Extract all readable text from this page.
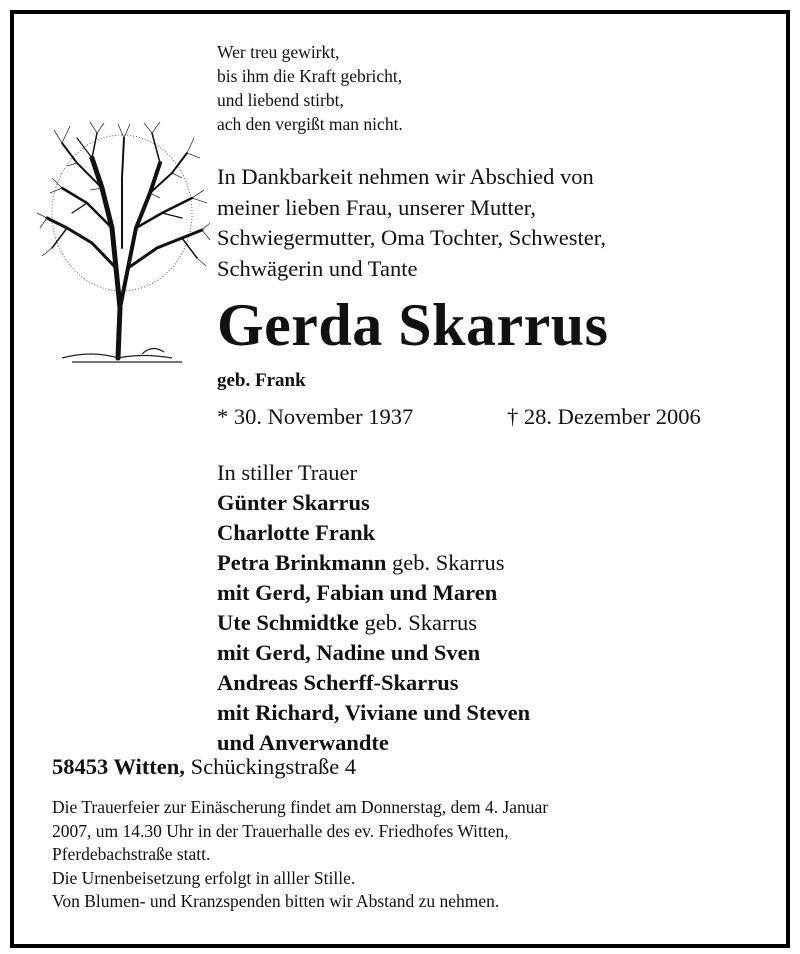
Wer treu gewirkt,
bis ihm die Kraft gebricht,
und liebend stirbt,
ach den vergißt man nicht.
In Dankbarkeit nehmen wir Abschied von
meiner lieben Frau, unserer Mutter,
Schwiegermutter, Oma Tochter, Schwester,
Schwägerin und Tante
Gerda Skarrus
geb. Frank
* 30. November 1937	† 28. Dezember 2006
In stiller Trauer
Günter Skarrus
Charlotte Frank
Petra Brinkmann geb. Skarrus
mit Gerd, Fabian und Maren
Ute Schmidtke geb. Skarrus
mit Gerd, Nadine und Sven
Andreas Scherff-Skarrus
mit Richard, Viviane und Steven
und Anverwandte
58453 Witten, Schückingstraße 4
Die Trauerfeier zur Einäscherung findet am Donnerstag, dem 4. Januar
2007, um 14.30 Uhr in der Trauerhalle des ev. Friedhofes Witten,
Pferdebachstraße statt.
Die Urnenbeisetzung erfolgt in alller Stille.
Von Blumen- und Kranzspenden bitten wir Abstand zu nehmen.
